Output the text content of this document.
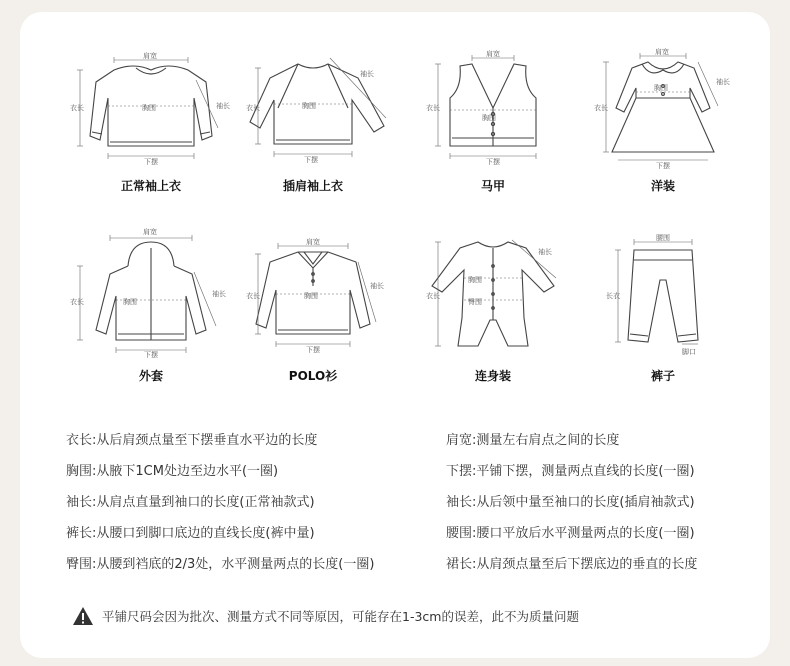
肩宽
胸围
衣长	袖长
下摆
正常袖上衣
胸围
衣长
袖长
下摆
插肩袖上衣
肩宽
胸围
衣长
下摆
马甲
肩宽
胸围
衣长
袖长
下摆
洋装
肩宽
胸围
衣长
袖长
下摆
外套
肩宽
胸围
衣长
袖长
下摆
POLO衫
袖长
胸围
衣长
臀围
连身装
腰围
长衣
脚口
裤子
衣长:从后肩颈点量至下摆垂直水平边的长度
胸围:从腋下1CM处边至边水平(一圈)
袖长:从肩点直量到袖口的长度(正常袖款式)
裤长:从腰口到脚口底边的直线长度(裤中量)
臀围:从腰到裆底的2/3处，水平测量两点的长度(一圈)
肩宽:测量左右肩点之间的长度
下摆:平铺下摆，测量两点直线的长度(一圈)
袖长:从后领中量至袖口的长度(插肩袖款式)
腰围:腰口平放后水平测量两点的长度(一圈)
裙长:从肩颈点量至后下摆底边的垂直的长度
平铺尺码会因为批次、测量方式不同等原因，可能存在1-3cm的误差，此不为质量问题
